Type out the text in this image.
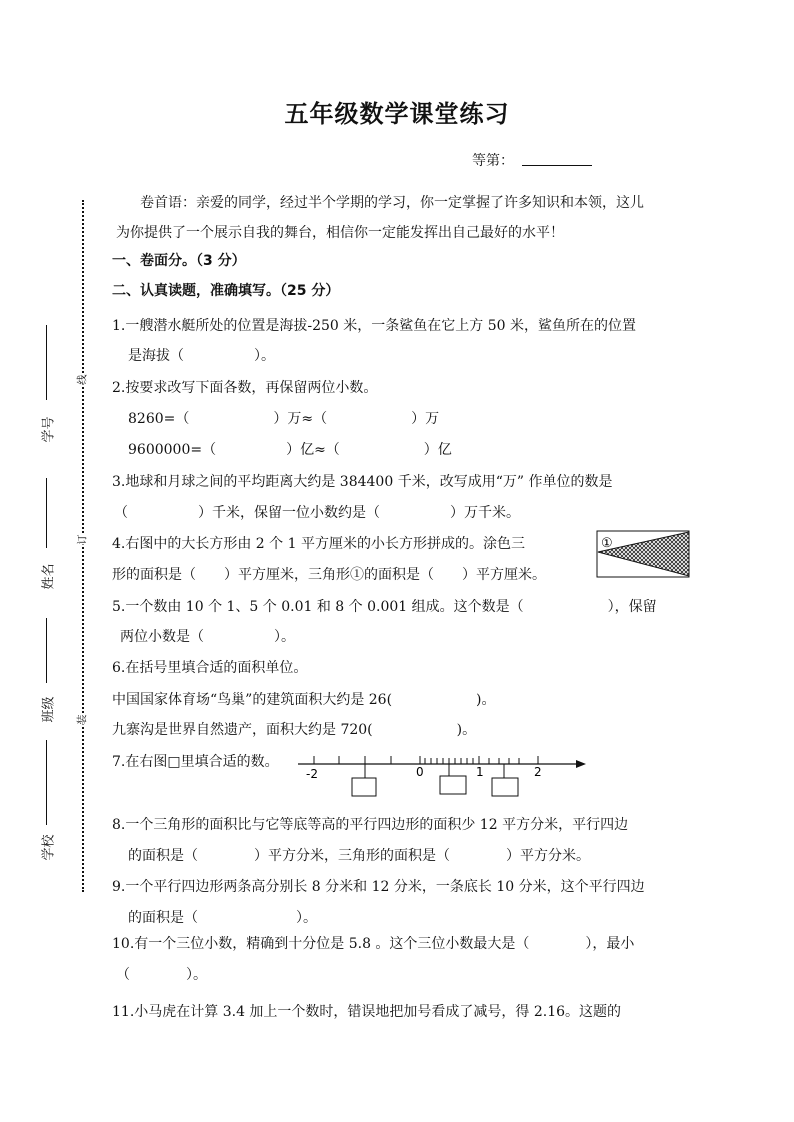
五年级数学课堂练习
等第：
线
订
装
学号
姓名
班级
学校
卷首语：亲爱的同学，经过半个学期的学习，你一定掌握了许多知识和本领，这儿
为你提供了一个展示自我的舞台，相信你一定能发挥出自己最好的水平！
一、卷面分。（3 分）
二、认真读题，准确填写。（25 分）
1.一艘潜水艇所处的位置是海拔-250 米，一条鲨鱼在它上方 50 米，鲨鱼所在的位置
是海拔（　　　　　）。
2.按要求改写下面各数，再保留两位小数。
8260=（　　　　　　）万≈（　　　　　　）万
9600000=（　　　　　）亿≈（　　　　　　）亿
3.地球和月球之间的平均距离大约是 384400 千米，改写成用“万” 作单位的数是
（　　　　　）千米，保留一位小数约是（　　　　　）万千米。
4.右图中的大长方形由 2 个 1 平方厘米的小长方形拼成的。涂色三
形的面积是（　　）平方厘米，三角形①的面积是（　　）平方厘米。
①
5.一个数由 10 个 1、5 个 0.01 和 8 个 0.001 组成。这个数是（　　　　　　），保留
两位小数是（　　　　　）。
6.在括号里填合适的面积单位。
中国国家体育场“鸟巢”的建筑面积大约是 26(　　　　　　)。
九寨沟是世界自然遗产，面积大约是 720(　　　　　　)。
7.在右图□里填合适的数。
-2	0	1	2
8.一个三角形的面积比与它等底等高的平行四边形的面积少 12 平方分米，平行四边
的面积是（　　　　）平方分米，三角形的面积是（　　　　）平方分米。
9.一个平行四边形两条高分别长 8 分米和 12 分米，一条底长 10 分米，这个平行四边
的面积是（　　　　　　　）。
10.有一个三位小数，精确到十分位是 5.8 。这个三位小数最大是（　　　　），最小
（　　　　）。
11.小马虎在计算 3.4 加上一个数时，错误地把加号看成了减号，得 2.16。这题的
